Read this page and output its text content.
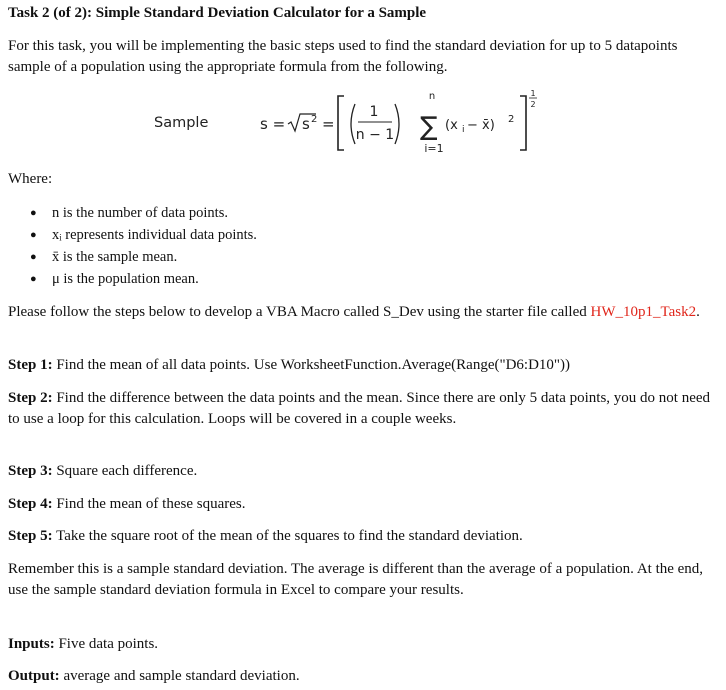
Task 2 (of 2): Simple Standard Deviation Calculator for a Sample

For this task, you will be implementing the basic steps used to find the standard deviation for up to 5 datapoints sample of a population using the appropriate formula from the following.

Sample	s = s 2 =
1
n − 1
n
∑
i=1
(x i − x̄) 2
1
2
Where:
● n is the number of data points.
● xᵢ represents individual data points.
● x̄ is the sample mean.
● μ is the population mean.

Please follow the steps below to develop a VBA Macro called S_Dev using the starter file called HW_10p1_Task2.

Step 1: Find the mean of all data points. Use WorksheetFunction.Average(Range("D6:D10"))

Step 2: Find the difference between the data points and the mean. Since there are only 5 data points, you do not need to use a loop for this calculation. Loops will be covered in a couple weeks.

Step 3: Square each difference.

Step 4: Find the mean of these squares.

Step 5: Take the square root of the mean of the squares to find the standard deviation.

Remember this is a sample standard deviation. The average is different than the average of a population. At the end, use the sample standard deviation formula in Excel to compare your results.

Inputs: Five data points.

Output: average and sample standard deviation.
